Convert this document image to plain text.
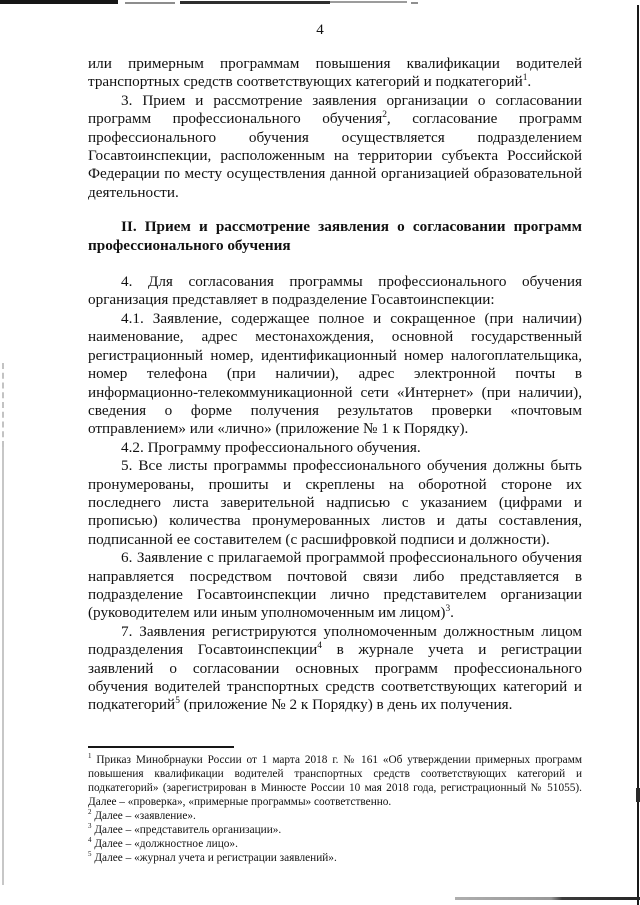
4

или примерным программам повышения квалификации водителей транспортных средств соответствующих категорий и подкатегорий$^1$.

3. Прием и рассмотрение заявления организации о согласовании программ профессионального обучения$^2$, согласование программ профессионального обучения осуществляется подразделением Госавтоинспекции, расположенным на территории субъекта Российской Федерации по месту осуществления данной организацией образовательной деятельности.

II. Прием и рассмотрение заявления о согласовании программ профессионального обучения

4. Для согласования программы профессионального обучения организация представляет в подразделение Госавтоинспекции:

4.1. Заявление, содержащее полное и сокращенное (при наличии) наименование, адрес местонахождения, основной государственный регистрационный номер, идентификационный номер налогоплательщика, номер телефона (при наличии), адрес электронной почты в информационно-телекоммуникационной сети «Интернет» (при наличии), сведения о форме получения результатов проверки «почтовым отправлением» или «лично» (приложение № 1 к Порядку).

4.2. Программу профессионального обучения.

5. Все листы программы профессионального обучения должны быть пронумерованы, прошиты и скреплены на оборотной стороне их последнего листа заверительной надписью с указанием (цифрами и прописью) количества пронумерованных листов и даты составления, подписанной ее составителем (с расшифровкой подписи и должности).

6. Заявление с прилагаемой программой профессионального обучения направляется посредством почтовой связи либо представляется в подразделение Госавтоинспекции лично представителем организации (руководителем или иным уполномоченным им лицом)$^3$.

7. Заявления регистрируются уполномоченным должностным лицом подразделения Госавтоинспекции$^4$ в журнале учета и регистрации заявлений о согласовании основных программ профессионального обучения водителей транспортных средств соответствующих категорий и подкатегорий$^5$ (приложение № 2 к Порядку) в день их получения.

$^1$ Приказ Минобрнауки России от 1 марта 2018 г. № 161 «Об утверждении примерных программ повышения квалификации водителей транспортных средств соответствующих категорий и подкатегорий» (зарегистрирован в Минюсте России 10 мая 2018 года, регистрационный № 51055). Далее – «проверка», «примерные программы» соответственно.

$^2$ Далее – «заявление».

$^3$ Далее – «представитель организации».

$^4$ Далее – «должностное лицо».

$^5$ Далее – «журнал учета и регистрации заявлений».
